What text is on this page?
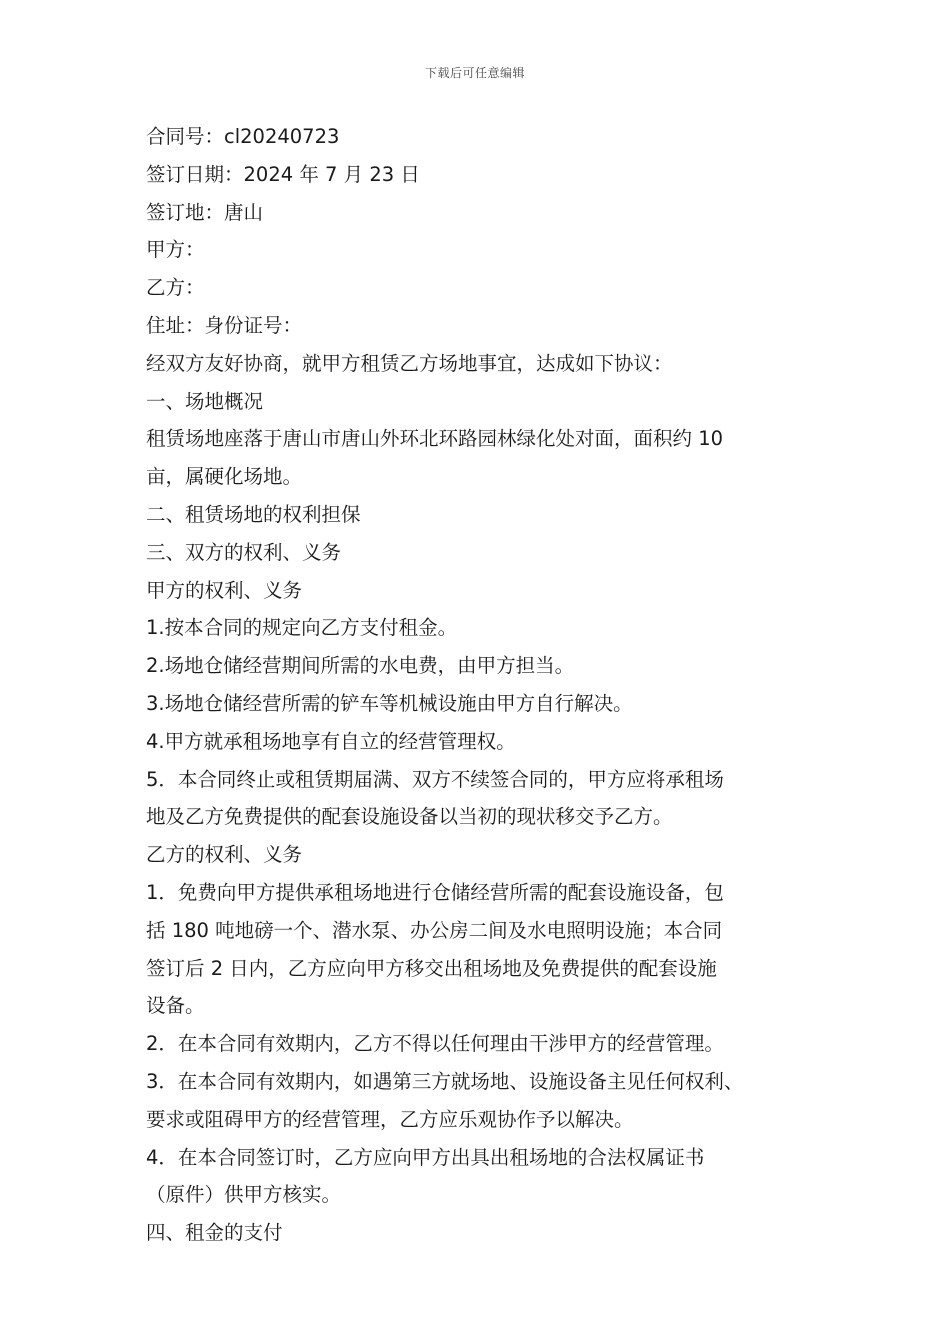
下载后可任意编辑
合同号：cl20240723
签订日期：2024 年 7 月 23 日
签订地：唐山
甲方：
乙方：
住址：身份证号：
经双方友好协商，就甲方租赁乙方场地事宜，达成如下协议：
一、场地概况
租赁场地座落于唐山市唐山外环北环路园林绿化处对面，面积约 10
亩，属硬化场地。
二、租赁场地的权利担保
三、双方的权利、义务
甲方的权利、义务
1.按本合同的规定向乙方支付租金。
2.场地仓储经营期间所需的水电费，由甲方担当。
3.场地仓储经营所需的铲车等机械设施由甲方自行解决。
4.甲方就承租场地享有自立的经营管理权。
5．本合同终止或租赁期届满、双方不续签合同的，甲方应将承租场
地及乙方免费提供的配套设施设备以当初的现状移交予乙方。
乙方的权利、义务
1．免费向甲方提供承租场地进行仓储经营所需的配套设施设备，包
括 180 吨地磅一个、潜水泵、办公房二间及水电照明设施；本合同
签订后 2 日内，乙方应向甲方移交出租场地及免费提供的配套设施
设备。
2．在本合同有效期内，乙方不得以任何理由干涉甲方的经营管理。
3．在本合同有效期内，如遇第三方就场地、设施设备主见任何权利、
要求或阻碍甲方的经营管理，乙方应乐观协作予以解决。
4．在本合同签订时，乙方应向甲方出具出租场地的合法权属证书
（原件）供甲方核实。
四、租金的支付
